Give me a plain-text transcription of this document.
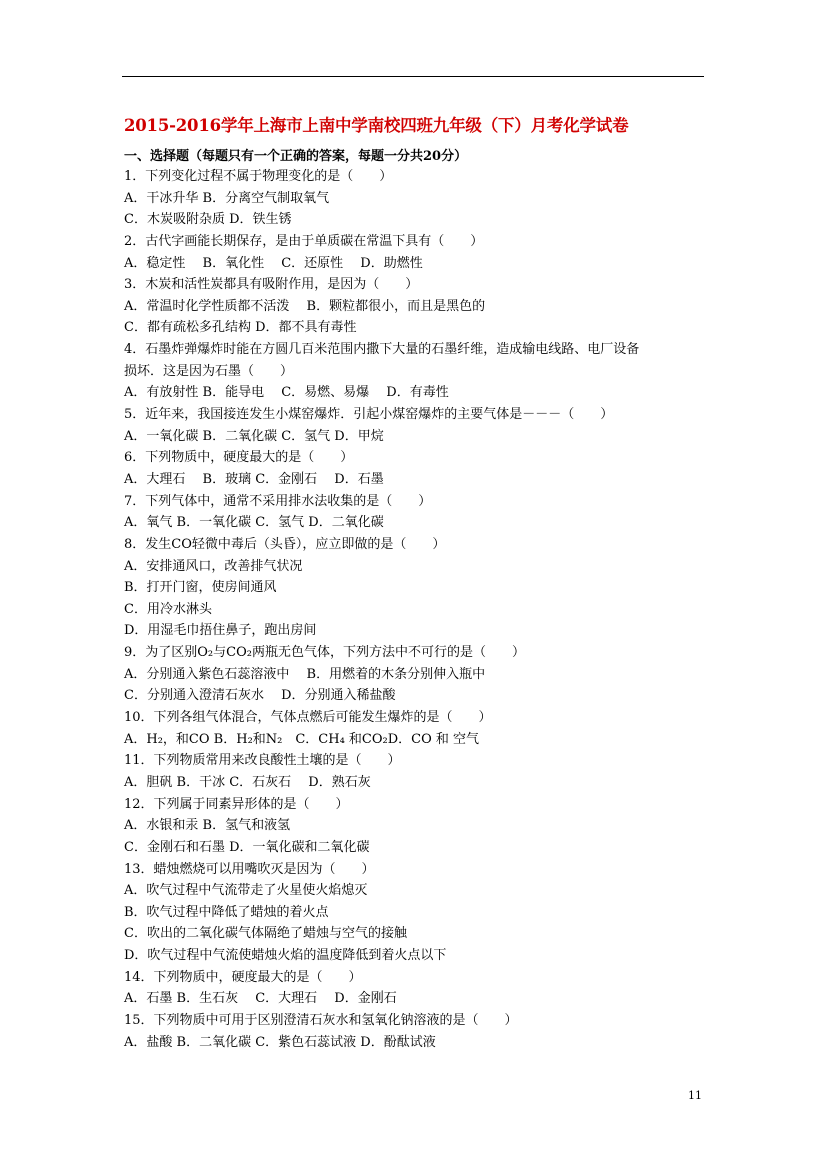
2015-2016学年上海市上南中学南校四班九年级（下）月考化学试卷
一、选择题（每题只有一个正确的答案，每题一分共20分）
1．下列变化过程不属于物理变化的是（　　）
A．干冰升华 B．分离空气制取氧气
C．木炭吸附杂质 D．铁生锈
2．古代字画能长期保存，是由于单质碳在常温下具有（　　）
A．稳定性　 B．氧化性　 C．还原性　 D．助燃性
3．木炭和活性炭都具有吸附作用，是因为（　　）
A．常温时化学性质都不活泼　 B．颗粒都很小，而且是黑色的
C．都有疏松多孔结构 D．都不具有毒性
4．石墨炸弹爆炸时能在方圆几百米范围内撒下大量的石墨纤维，造成输电线路、电厂设备
损坏．这是因为石墨（　　）
A．有放射性 B．能导电　 C．易燃、易爆　 D．有毒性
5．近年来，我国接连发生小煤窑爆炸．引起小煤窑爆炸的主要气体是－－－（　　）
A．一氧化碳 B．二氧化碳 C．氢气 D．甲烷
6．下列物质中，硬度最大的是（　　）
A．大理石　 B．玻璃 C．金刚石　 D．石墨
7．下列气体中，通常不采用排水法收集的是（　　）
A．氧气 B．一氧化碳 C．氢气 D．二氧化碳
8．发生CO轻微中毒后（头昏），应立即做的是（　　）
A．安排通风口，改善排气状况
B．打开门窗，使房间通风
C．用冷水淋头
D．用湿毛巾捂住鼻子，跑出房间
9．为了区别O₂与CO₂两瓶无色气体，下列方法中不可行的是（　　）
A．分别通入紫色石蕊溶液中　 B．用燃着的木条分别伸入瓶中
C．分别通入澄清石灰水　 D．分别通入稀盐酸
10．下列各组气体混合，气体点燃后可能发生爆炸的是（　　）
A．H₂，和CO B．H₂和N₂　C．CH₄ 和CO₂D．CO 和 空气
11．下列物质常用来改良酸性土壤的是（　　）
A．胆矾 B．干冰 C．石灰石　 D．熟石灰
12．下列属于同素异形体的是（　　）
A．水银和汞 B．氢气和液氢
C．金刚石和石墨 D．一氧化碳和二氧化碳
13．蜡烛燃烧可以用嘴吹灭是因为（　　）
A．吹气过程中气流带走了火星使火焰熄灭
B．吹气过程中降低了蜡烛的着火点
C．吹出的二氧化碳气体隔绝了蜡烛与空气的接触
D．吹气过程中气流使蜡烛火焰的温度降低到着火点以下
14．下列物质中，硬度最大的是（　　）
A．石墨 B．生石灰　 C．大理石　 D．金刚石
15．下列物质中可用于区别澄清石灰水和氢氧化钠溶液的是（　　）
A．盐酸 B．二氧化碳 C．紫色石蕊试液 D．酚酞试液
11
